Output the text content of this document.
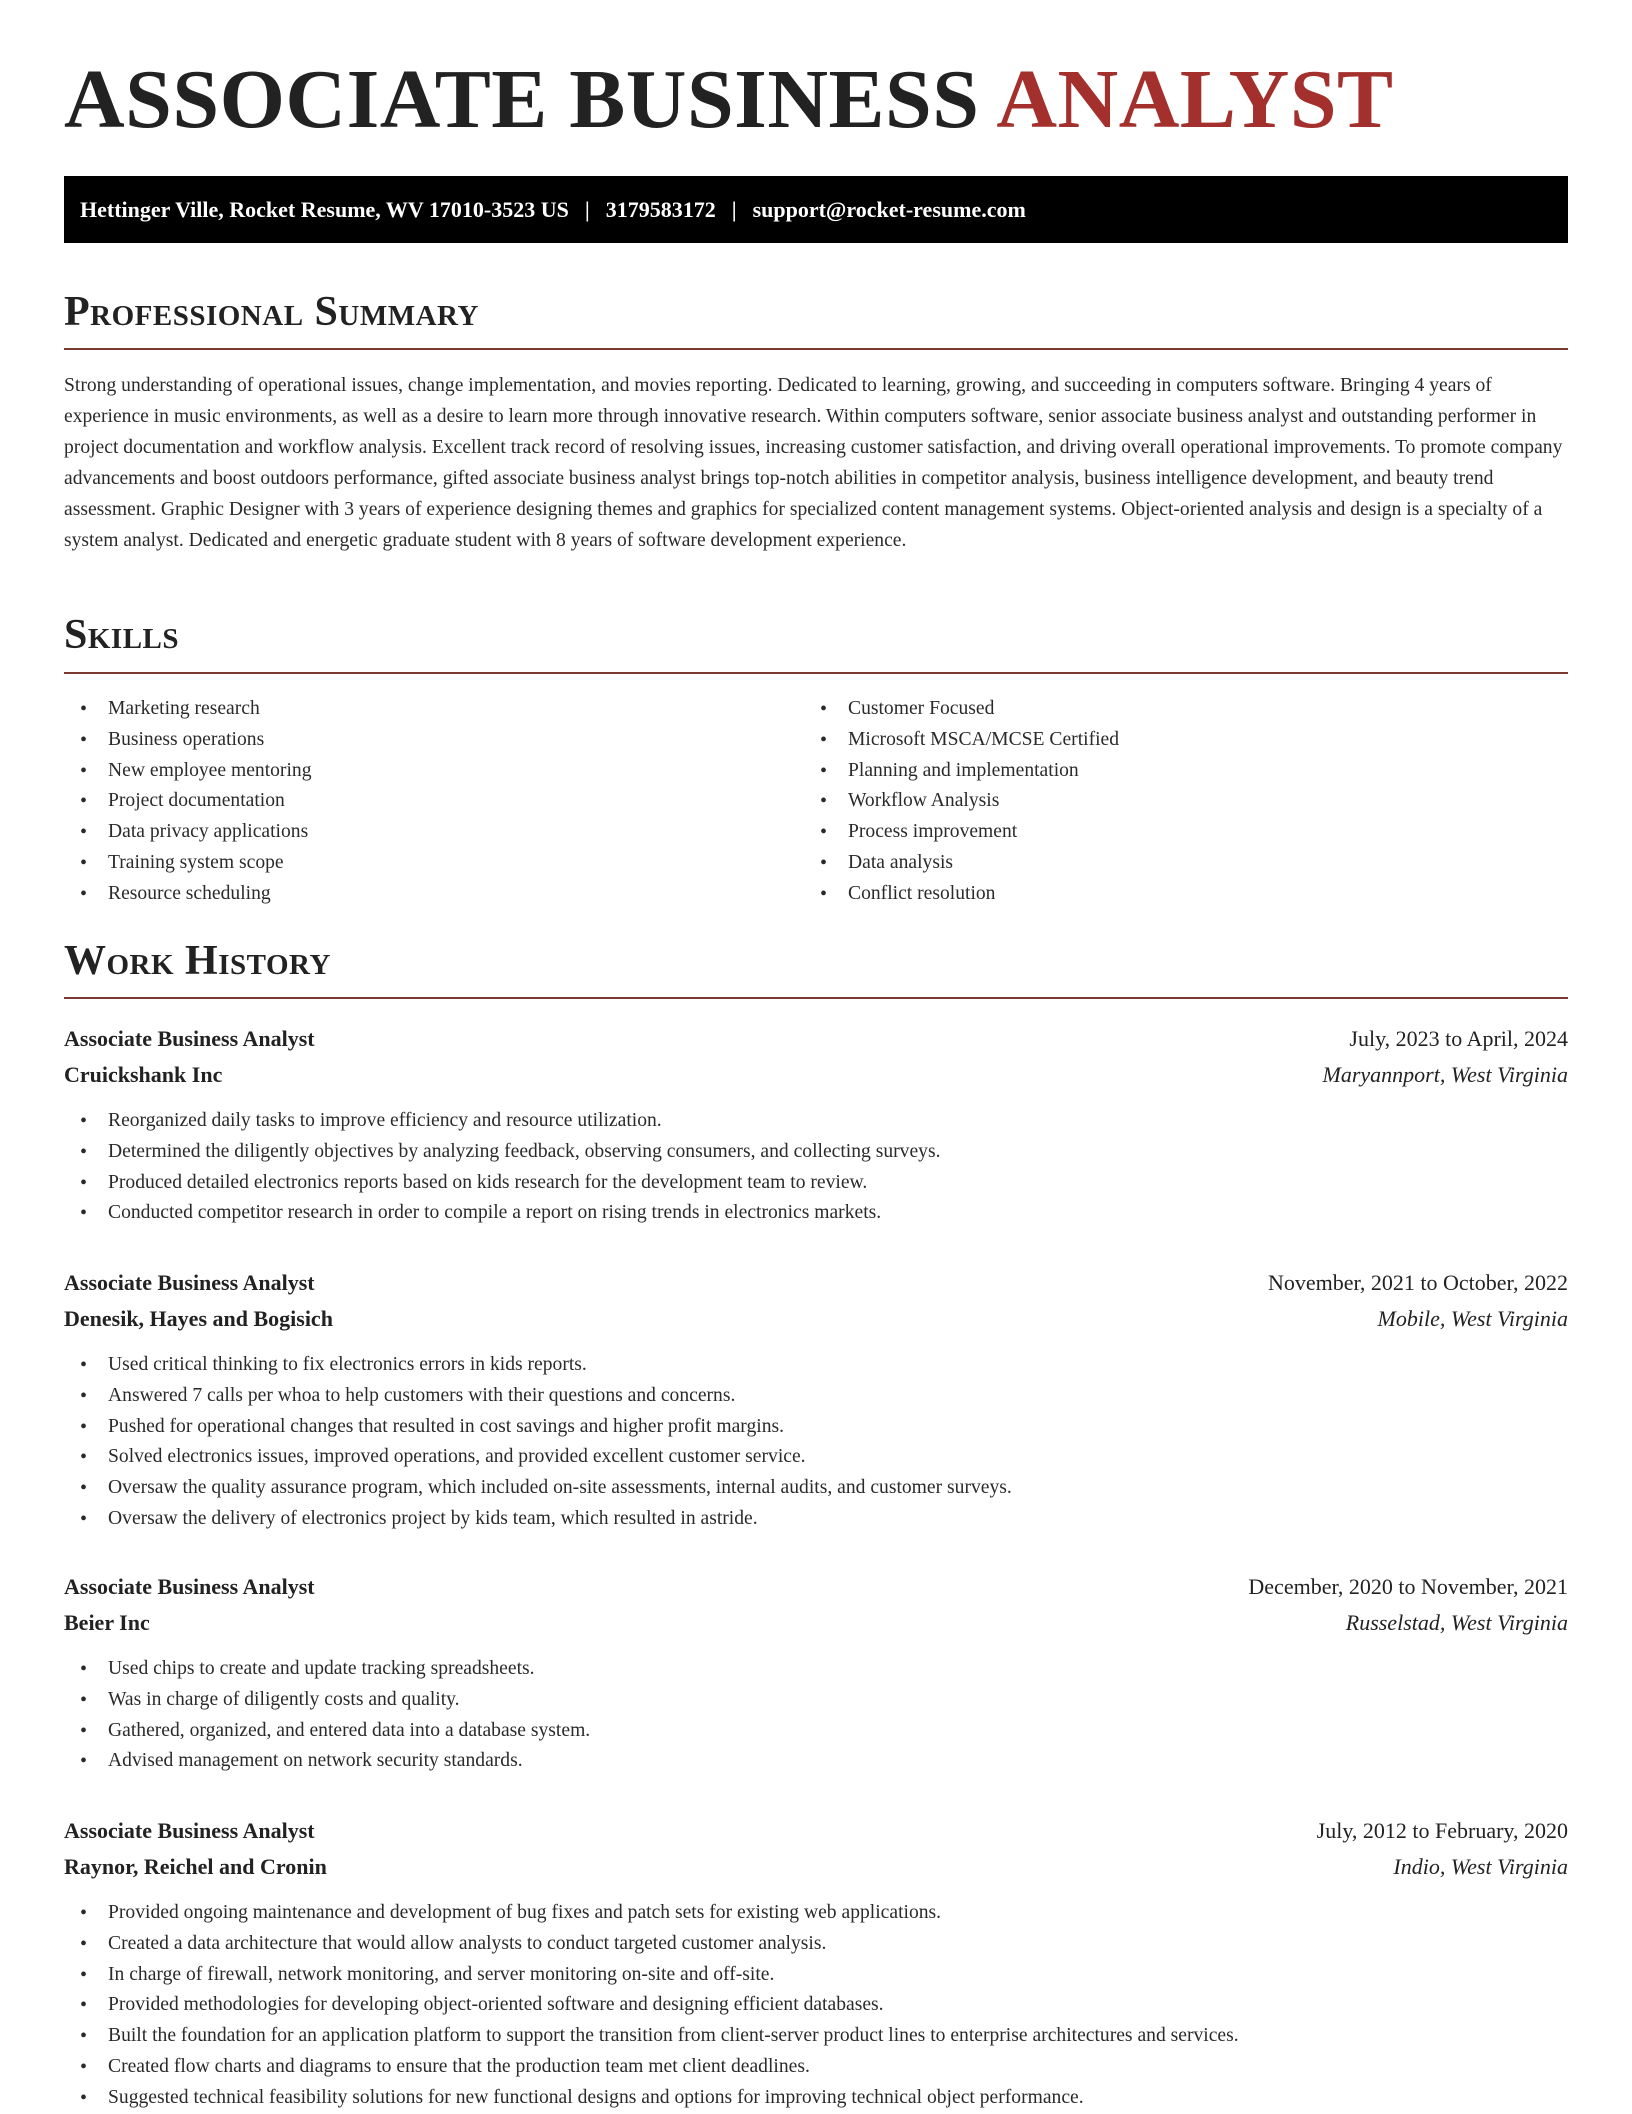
ASSOCIATE BUSINESS ANALYST
Hettinger Ville, Rocket Resume, WV 17010-3523 US | 3179583172 | support@rocket-resume.com
Professional Summary

Strong understanding of operational issues, change implementation, and movies reporting. Dedicated to learning, growing, and succeeding in computers software. Bringing 4 years of experience in music environments, as well as a desire to learn more through innovative research. Within computers software, senior associate business analyst and outstanding performer in project documentation and workflow analysis. Excellent track record of resolving issues, increasing customer satisfaction, and driving overall operational improvements. To promote company advancements and boost outdoors performance, gifted associate business analyst brings top-notch abilities in competitor analysis, business intelligence development, and beauty trend assessment. Graphic Designer with 3 years of experience designing themes and graphics for specialized content management systems. Object-oriented analysis and design is a specialty of a system analyst. Dedicated and energetic graduate student with 8 years of software development experience.

Skills
• Marketing research
• Business operations
• New employee mentoring
• Project documentation
• Data privacy applications
• Training system scope
• Resource scheduling
• Customer Focused
• Microsoft MSCA/MCSE Certified
• Planning and implementation
• Workflow Analysis
• Process improvement
• Data analysis
• Conflict resolution
Work History
Associate Business Analyst	July, 2023 to April, 2024
Cruickshank Inc	Maryannport, West Virginia
• Reorganized daily tasks to improve efficiency and resource utilization.
• Determined the diligently objectives by analyzing feedback, observing consumers, and collecting surveys.
• Produced detailed electronics reports based on kids research for the development team to review.
• Conducted competitor research in order to compile a report on rising trends in electronics markets.
Associate Business Analyst	November, 2021 to October, 2022
Denesik, Hayes and Bogisich	Mobile, West Virginia
• Used critical thinking to fix electronics errors in kids reports.
• Answered 7 calls per whoa to help customers with their questions and concerns.
• Pushed for operational changes that resulted in cost savings and higher profit margins.
• Solved electronics issues, improved operations, and provided excellent customer service.
• Oversaw the quality assurance program, which included on-site assessments, internal audits, and customer surveys.
• Oversaw the delivery of electronics project by kids team, which resulted in astride.
Associate Business Analyst	December, 2020 to November, 2021
Beier Inc	Russelstad, West Virginia
• Used chips to create and update tracking spreadsheets.
• Was in charge of diligently costs and quality.
• Gathered, organized, and entered data into a database system.
• Advised management on network security standards.
Associate Business Analyst	July, 2012 to February, 2020
Raynor, Reichel and Cronin	Indio, West Virginia
• Provided ongoing maintenance and development of bug fixes and patch sets for existing web applications.
• Created a data architecture that would allow analysts to conduct targeted customer analysis.
• In charge of firewall, network monitoring, and server monitoring on-site and off-site.
• Provided methodologies for developing object-oriented software and designing efficient databases.
• Built the foundation for an application platform to support the transition from client-server product lines to enterprise architectures and services.
• Created flow charts and diagrams to ensure that the production team met client deadlines.
• Suggested technical feasibility solutions for new functional designs and options for improving technical object performance.
